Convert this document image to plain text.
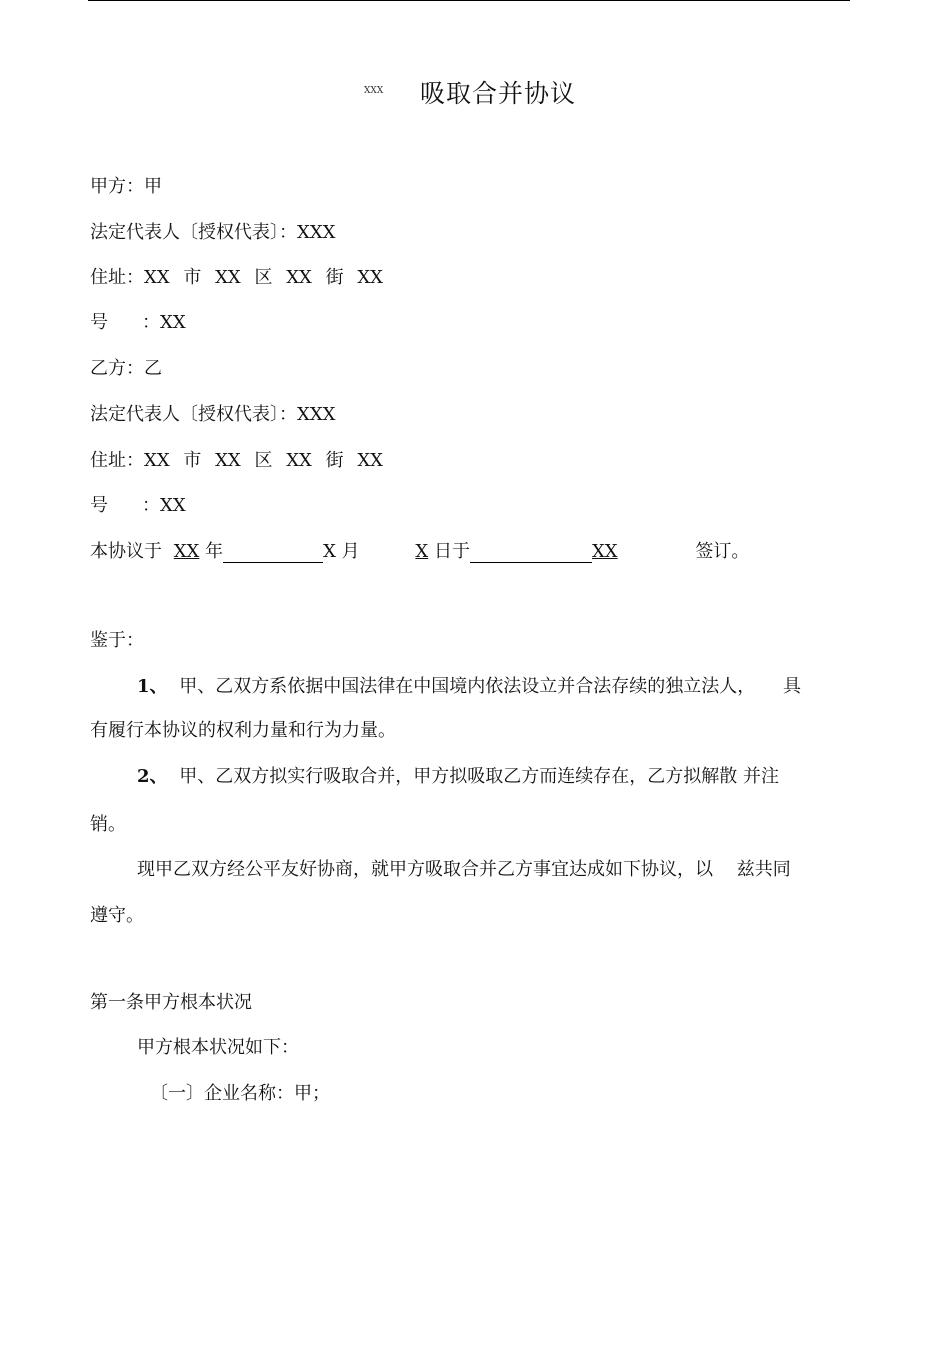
XXX 吸取合并协议
甲方：甲
法定代表人〔授权代表〕：XXX
住址：XX 市 XX 区 XX 街 XX
号 ：XX
乙方：乙
法定代表人〔授权代表〕：XXX
住址：XX 市 XX 区 XX 街 XX
号 ：XX
本协议于 XX 年	X 月	X 日于	XX	签订。
鉴于：
1、 甲、乙双方系依据中国法律在中国境内依法设立并合法存续的独立法人， 具
有履行本协议的权利力量和行为力量。
2、 甲、乙双方拟实行吸取合并，甲方拟吸取乙方而连续存在，乙方拟解散 并注
销。
现甲乙双方经公平友好协商，就甲方吸取合并乙方事宜达成如下协议，以 兹共同
遵守。
第一条甲方根本状况
甲方根本状况如下：
〔一〕企业名称：甲；
